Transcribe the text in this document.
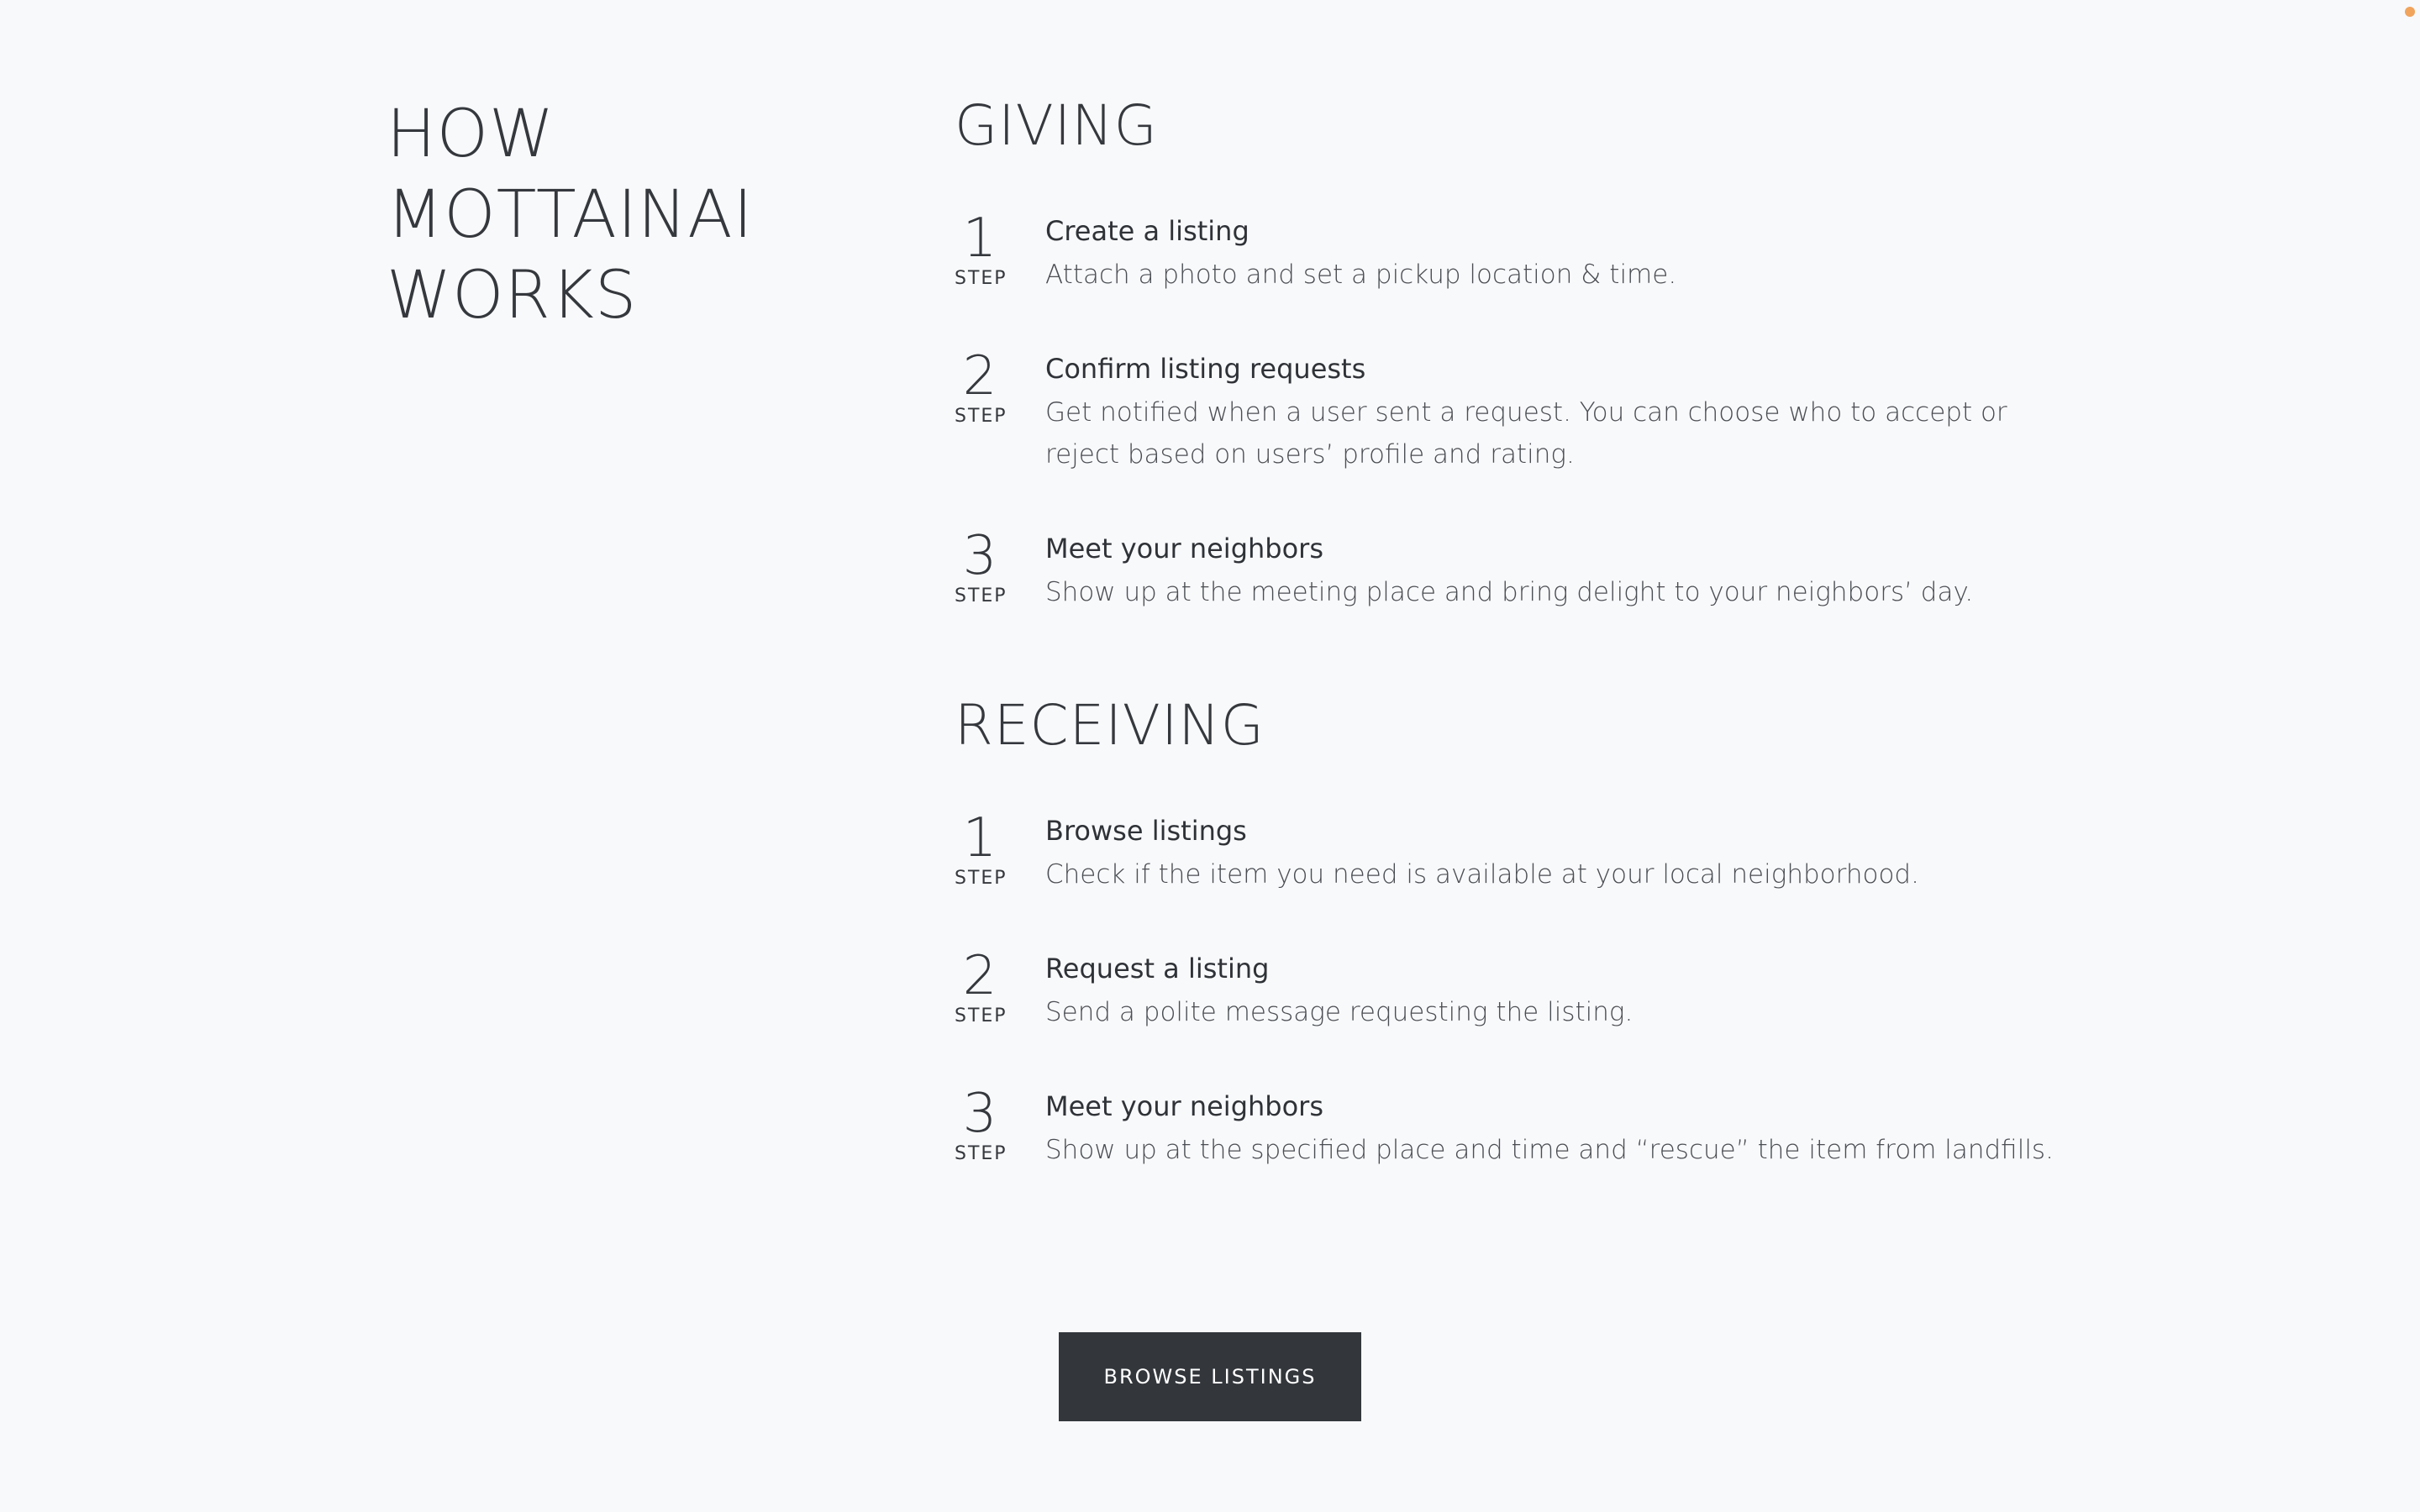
HOW
MOTTAINAI
WORKS
GIVING
1
STEP
Create a listing
Attach a photo and set a pickup location & time.
2
STEP
Confirm listing requests
Get notified when a user sent a request. You can choose who to accept or reject based on users’ profile and rating.
3
STEP
Meet your neighbors
Show up at the meeting place and bring delight to your neighbors’ day.
RECEIVING
1
STEP
Browse listings
Check if the item you need is available at your local neighborhood.
2
STEP
Request a listing
Send a polite message requesting the listing.
3
STEP
Meet your neighbors
Show up at the specified place and time and “rescue” the item from landfills.
BROWSE LISTINGS
